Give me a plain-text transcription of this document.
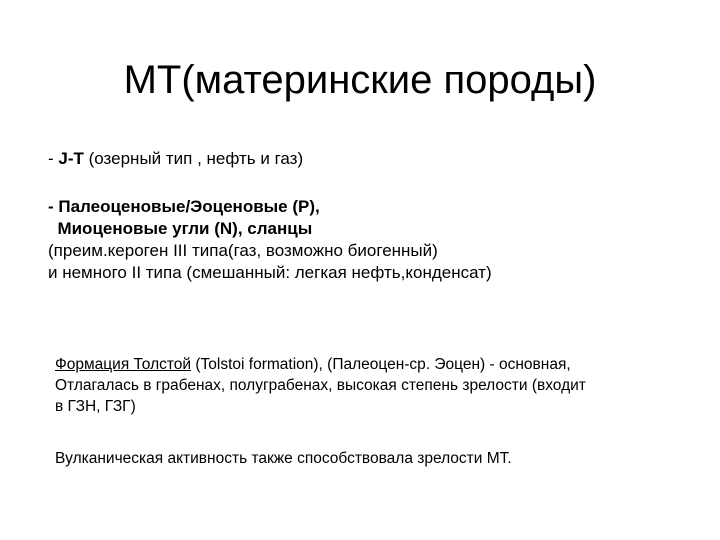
МТ(материнские породы)
- J-T (озерный тип , нефть и газ)
- Палеоценовые/Эоценовые (P),
Миоценовые угли (N), сланцы
(преим.кероген III типа(газ, возможно биогенный)
и немного II типа (смешанный: легкая нефть,конденсат)
Формация Толстой (Tolstoi formation), (Палеоцен-ср. Эоцен) - основная,
Отлагалась в грабенах, полуграбенах, высокая степень зрелости (входит
в ГЗН, ГЗГ)
Вулканическая активность также способствовала зрелости МТ.
